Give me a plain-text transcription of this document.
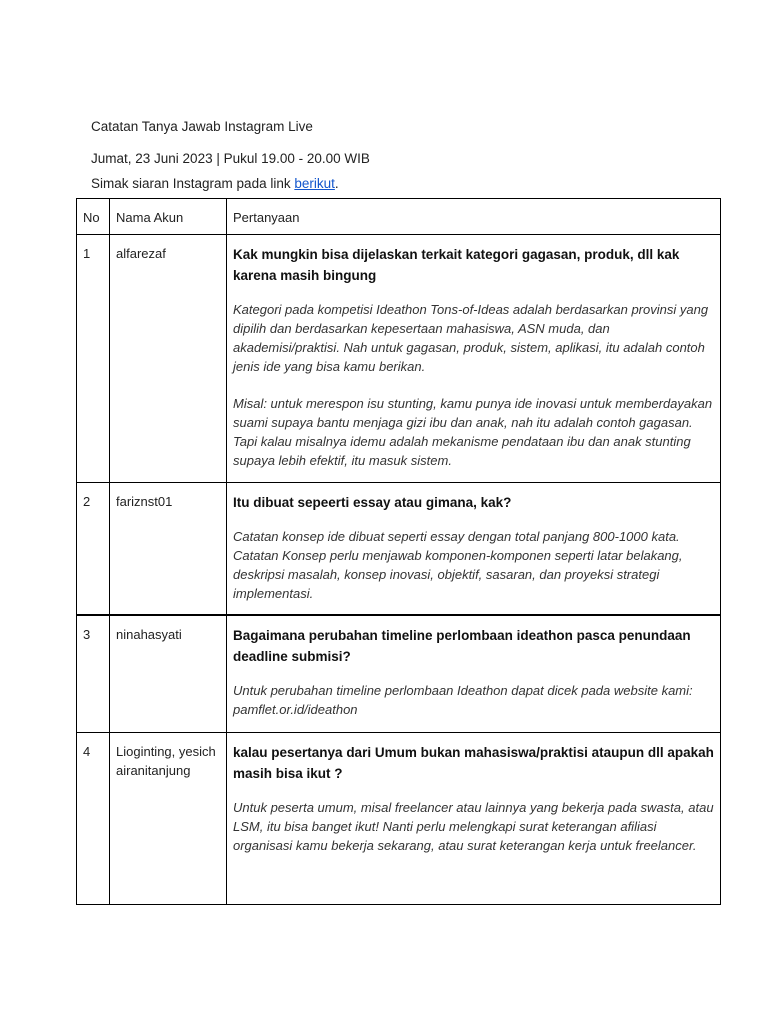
Catatan Tanya Jawab Instagram Live
Jumat, 23 Juni 2023 | Pukul 19.00 - 20.00 WIB
Simak siaran Instagram pada link berikut.
No	Nama Akun	Pertanyaan

1	alfarezaf	Kak mungkin bisa dijelaskan terkait kategori gagasan, produk, dll kak karena masih bingung

Kategori pada kompetisi Ideathon Tons-of-Ideas adalah berdasarkan provinsi yang dipilih dan berdasarkan kepesertaan mahasiswa, ASN muda, dan akademisi/praktisi. Nah untuk gagasan, produk, sistem, aplikasi, itu adalah contoh jenis ide yang bisa kamu berikan.

Misal: untuk merespon isu stunting, kamu punya ide inovasi untuk memberdayakan suami supaya bantu menjaga gizi ibu dan anak, nah itu adalah contoh gagasan. Tapi kalau misalnya idemu adalah mekanisme pendataan ibu dan anak stunting supaya lebih efektif, itu masuk sistem.

2	fariznst01	Itu dibuat sepeerti essay atau gimana, kak?

Catatan konsep ide dibuat seperti essay dengan total panjang 800-1000 kata. Catatan Konsep perlu menjawab komponen-komponen seperti latar belakang, deskripsi masalah, konsep inovasi, objektif, sasaran, dan proyeksi strategi implementasi.

3	ninahasyati	Bagaimana perubahan timeline perlombaan ideathon pasca penundaan deadline submisi?

Untuk perubahan timeline perlombaan Ideathon dapat dicek pada website kami: pamflet.or.id/ideathon

4	Lioginting, yesichairanitanjung	kalau pesertanya dari Umum bukan mahasiswa/praktisi ataupun dll apakah masih bisa ikut ?

Untuk peserta umum, misal freelancer atau lainnya yang bekerja pada swasta, atau LSM, itu bisa banget ikut! Nanti perlu melengkapi surat keterangan afiliasi organisasi kamu bekerja sekarang, atau surat keterangan kerja untuk freelancer.
